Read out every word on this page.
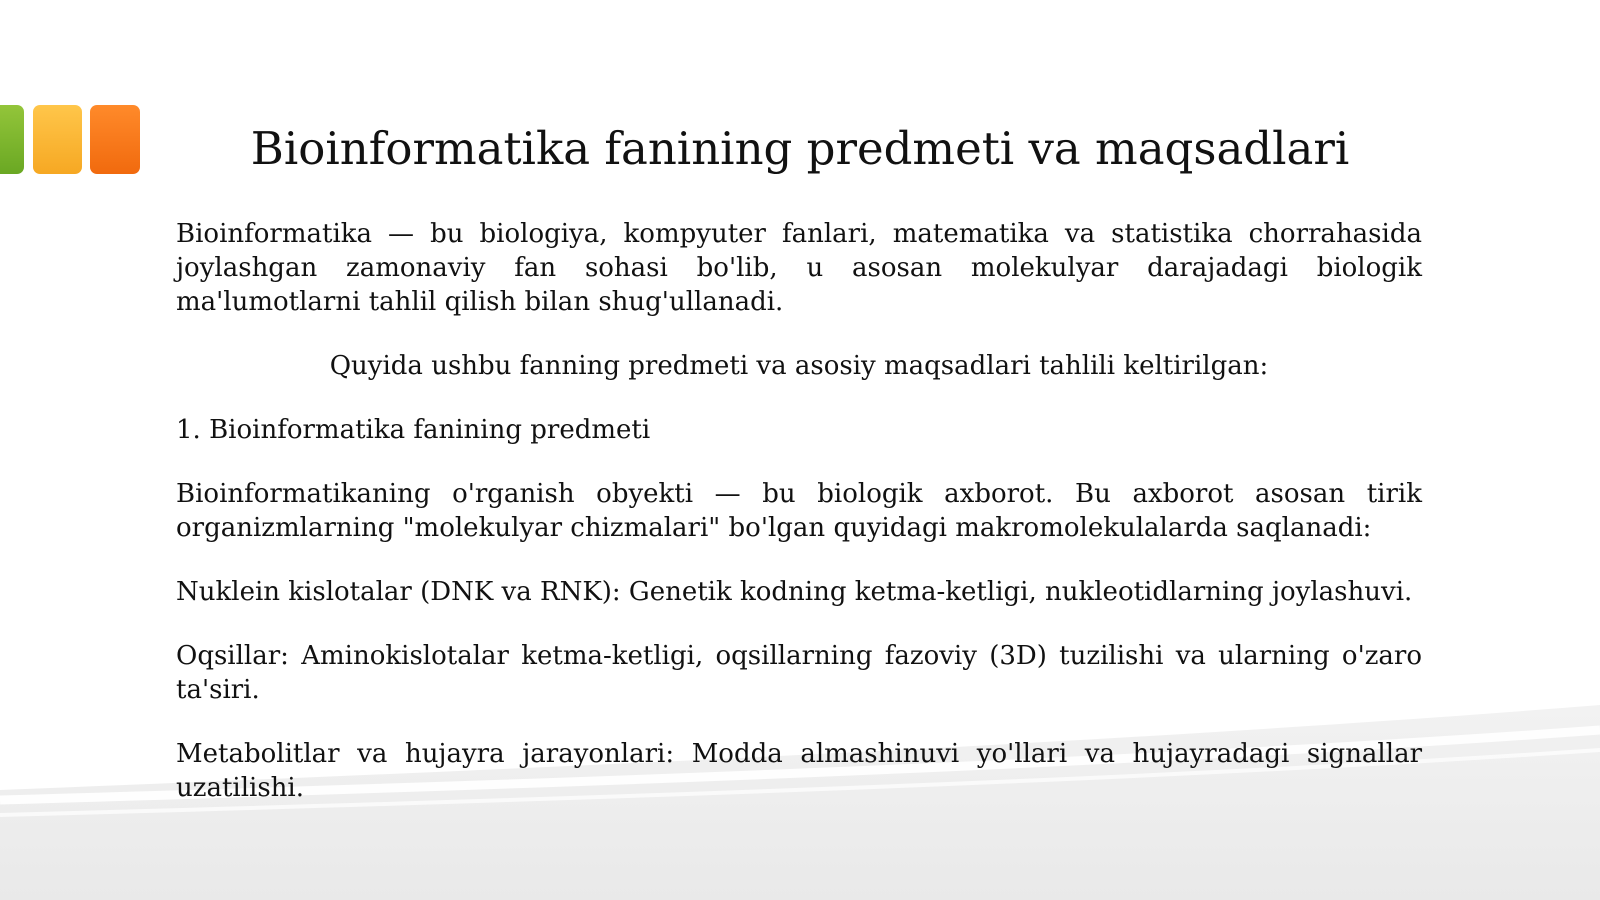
Bioinformatika fanining predmeti va maqsadlari

Bioinformatika — bu biologiya, kompyuter fanlari, matematika va statistika chorrahasida joylashgan zamonaviy fan sohasi bo'lib, u asosan molekulyar darajadagi biologik ma'lumotlarni tahlil qilish bilan shug'ullanadi.

Quyida ushbu fanning predmeti va asosiy maqsadlari tahlili keltirilgan:

1. Bioinformatika fanining predmeti

Bioinformatikaning o'rganish obyekti — bu biologik axborot. Bu axborot asosan tirik organizmlarning "molekulyar chizmalari" bo'lgan quyidagi makromolekulalarda saqlanadi:

Nuklein kislotalar (DNK va RNK): Genetik kodning ketma-ketligi, nukleotidlarning joylashuvi.

Oqsillar: Aminokislotalar ketma-ketligi, oqsillarning fazoviy (3D) tuzilishi va ularning o'zaro ta'siri.

Metabolitlar va hujayra jarayonlari: Modda almashinuvi yo'llari va hujayradagi signallar uzatilishi.
